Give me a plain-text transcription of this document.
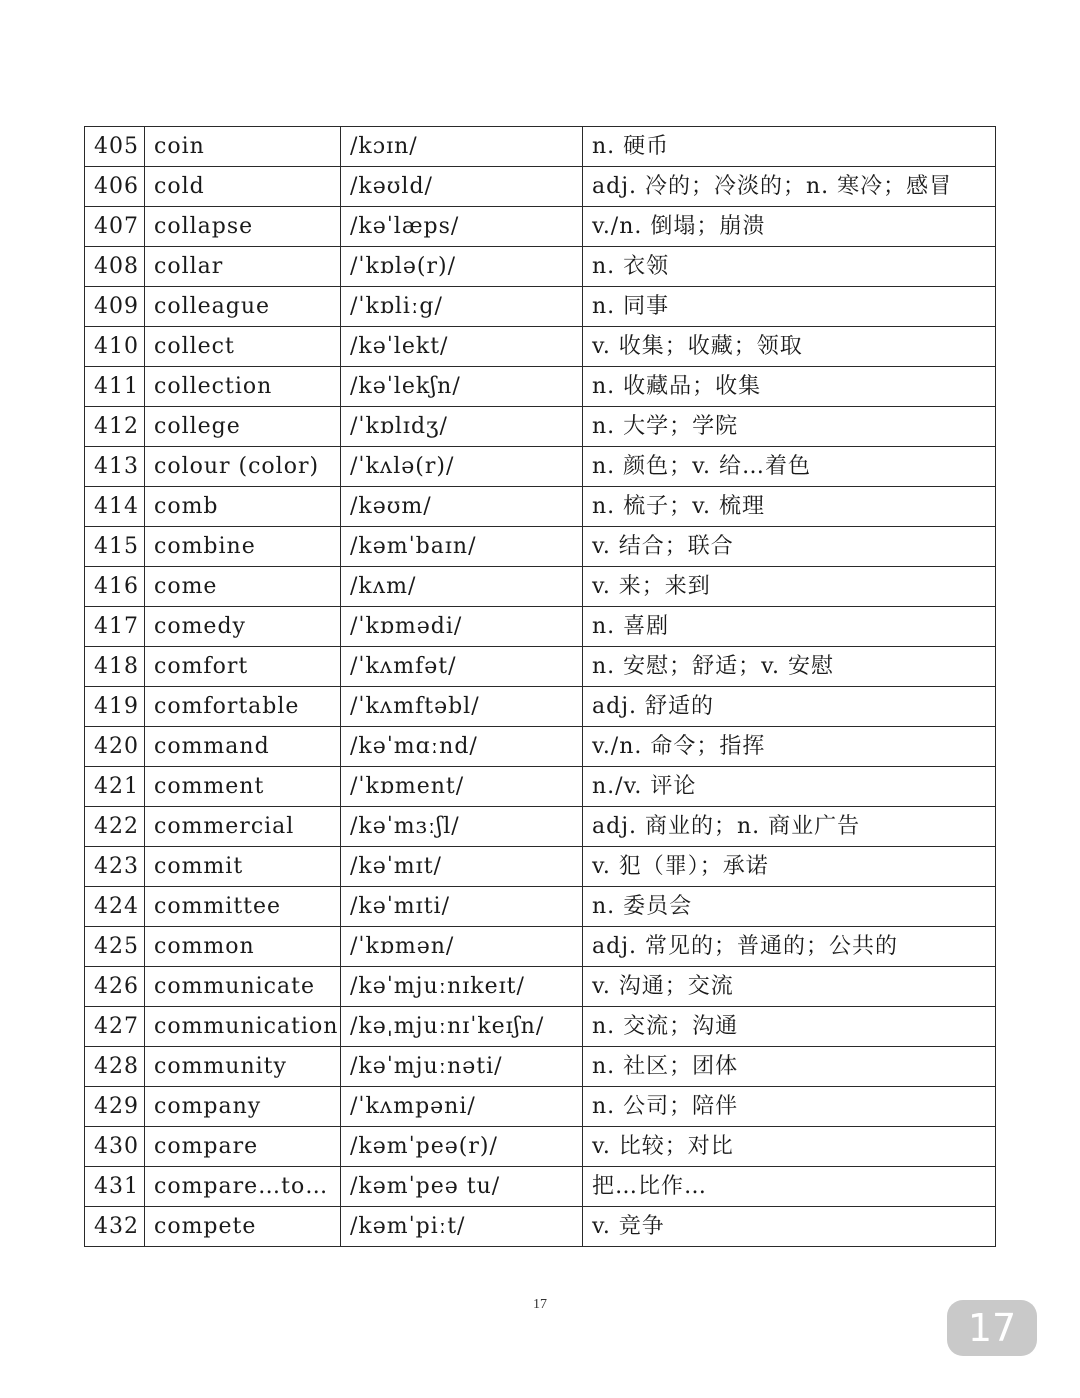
405	coin	/kɔɪn/	n. 硬币
406	cold	/kəʊld/	adj. 冷的；冷淡的；n. 寒冷；感冒
407	collapse	/kəˈlæps/	v./n. 倒塌；崩溃
408	collar	/ˈkɒlə(r)/	n. 衣领
409	colleague	/ˈkɒliːg/	n. 同事
410	collect	/kəˈlekt/	v. 收集；收藏；领取
411	collection	/kəˈlekʃn/	n. 收藏品；收集
412	college	/ˈkɒlɪdʒ/	n. 大学；学院
413	colour (color)	/ˈkʌlə(r)/	n. 颜色；v. 给…着色
414	comb	/kəʊm/	n. 梳子；v. 梳理
415	combine	/kəmˈbaɪn/	v. 结合；联合
416	come	/kʌm/	v. 来；来到
417	comedy	/ˈkɒmədi/	n. 喜剧
418	comfort	/ˈkʌmfət/	n. 安慰；舒适；v. 安慰
419	comfortable	/ˈkʌmftəbl/	adj. 舒适的
420	command	/kəˈmɑːnd/	v./n. 命令；指挥
421	comment	/ˈkɒment/	n./v. 评论
422	commercial	/kəˈmɜːʃl/	adj. 商业的；n. 商业广告
423	commit	/kəˈmɪt/	v. 犯（罪）；承诺
424	committee	/kəˈmɪti/	n. 委员会
425	common	/ˈkɒmən/	adj. 常见的；普通的；公共的
426	communicate	/kəˈmjuːnɪkeɪt/	v. 沟通；交流
427	communication	/kəˌmjuːnɪˈkeɪʃn/	n. 交流；沟通
428	community	/kəˈmjuːnəti/	n. 社区；团体
429	company	/ˈkʌmpəni/	n. 公司；陪伴
430	compare	/kəmˈpeə(r)/	v. 比较；对比
431	compare…to…	/kəmˈpeə tu/	把…比作…
432	compete	/kəmˈpiːt/	v. 竞争
17
17
